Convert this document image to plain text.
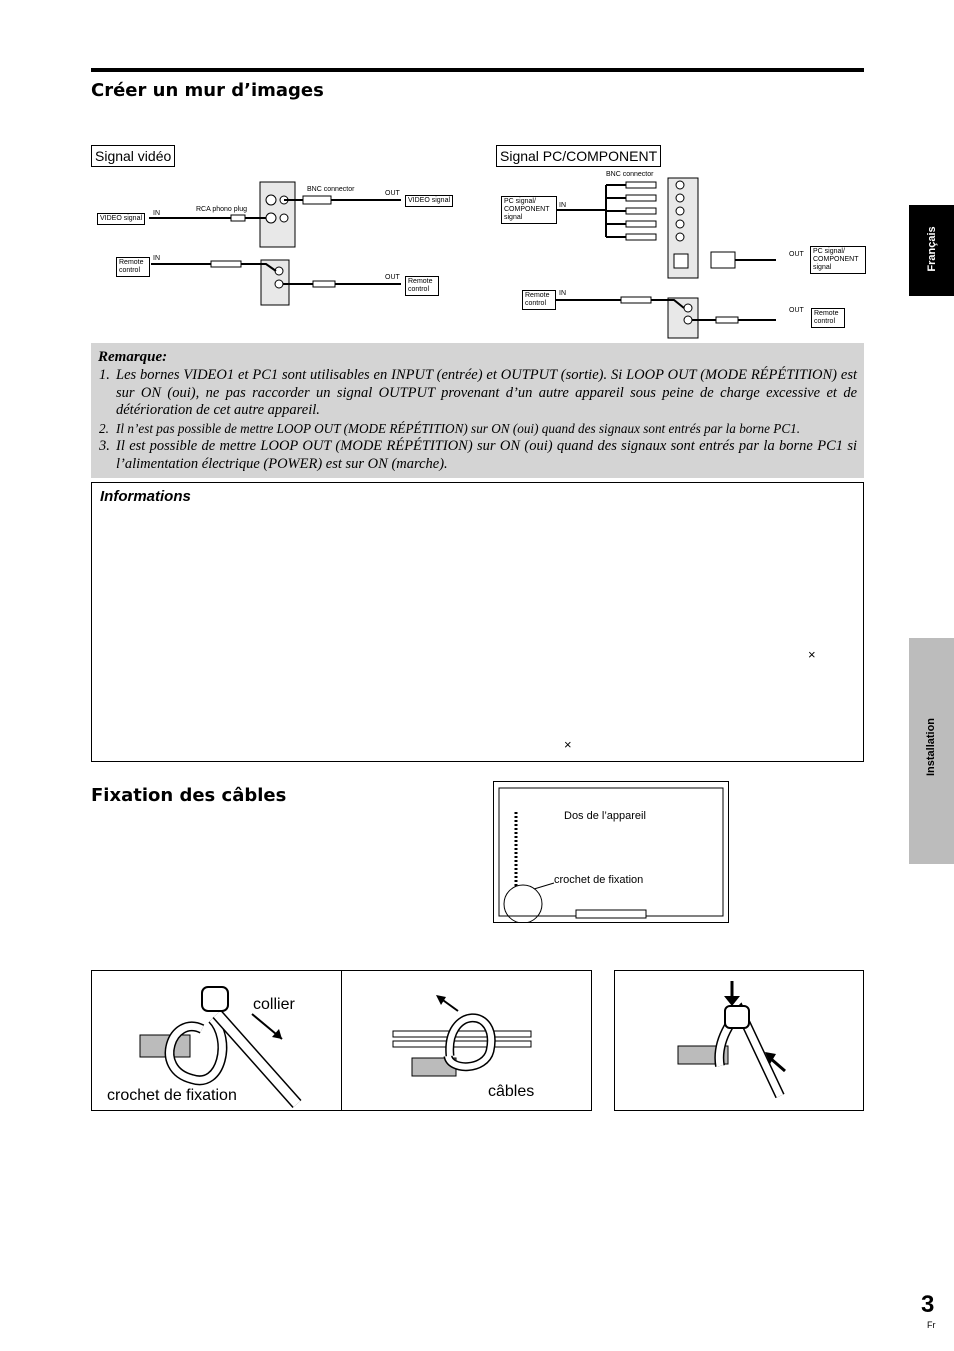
Créer un mur d’images
Signal vidéo
BNC connector
OUT
VIDEO signal
IN
RCA phono plug
VIDEO signal
IN
Remote control
OUT
Remote control
Signal PC/COMPONENT
BNC connector
PC signal/ COMPONENT signal
IN
OUT	PC signal/ COMPONENT signal
IN
Remote control
OUT	Remote control
Remarque:
1. Les bornes VIDEO1 et PC1 sont utilisables en INPUT (entrée) et OUTPUT (sortie). Si LOOP OUT (MODE RÉPÉTITION) est sur ON (oui), ne pas raccorder un signal OUTPUT provenant d’un autre appareil sous peine de charge excessive et de détérioration de cet autre appareil.
2. Il n’est pas possible de mettre LOOP OUT (MODE RÉPÉTITION) sur ON (oui) quand des signaux sont entrés par la borne PC1.
3. Il est possible de mettre LOOP OUT (MODE RÉPÉTITION) sur ON (oui) quand des signaux sont entrés par la borne PC1 si l’alimentation électrique (POWER) est sur ON (marche).
Informations
×
×
Fixation des câbles
Dos de l’appareil
crochet de fixation
collier
crochet de fixation	câbles
Français
Installation
3
Fr
